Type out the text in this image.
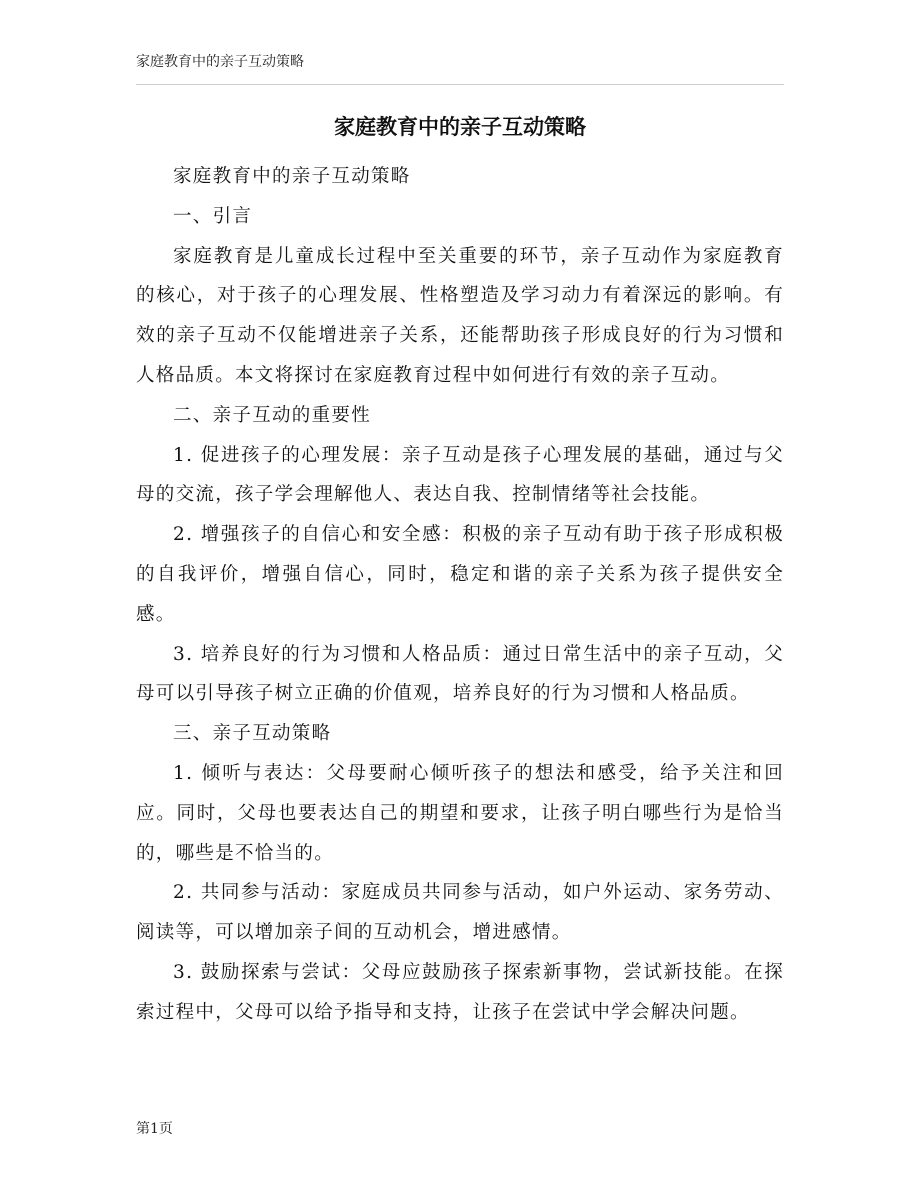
家庭教育中的亲子互动策略
家庭教育中的亲子互动策略

家庭教育中的亲子互动策略

一、引言

家庭教育是儿童成长过程中至关重要的环节，亲子互动作为家庭教育的核心，对于孩子的心理发展、性格塑造及学习动力有着深远的影响。有效的亲子互动不仅能增进亲子关系，还能帮助孩子形成良好的行为习惯和人格品质。本文将探讨在家庭教育过程中如何进行有效的亲子互动。

二、亲子互动的重要性

1. 促进孩子的心理发展：亲子互动是孩子心理发展的基础，通过与父母的交流，孩子学会理解他人、表达自我、控制情绪等社会技能。

2. 增强孩子的自信心和安全感：积极的亲子互动有助于孩子形成积极的自我评价，增强自信心，同时，稳定和谐的亲子关系为孩子提供安全感。

3. 培养良好的行为习惯和人格品质：通过日常生活中的亲子互动，父母可以引导孩子树立正确的价值观，培养良好的行为习惯和人格品质。

三、亲子互动策略

1. 倾听与表达：父母要耐心倾听孩子的想法和感受，给予关注和回应。同时，父母也要表达自己的期望和要求，让孩子明白哪些行为是恰当的，哪些是不恰当的。

2. 共同参与活动：家庭成员共同参与活动，如户外运动、家务劳动、阅读等，可以增加亲子间的互动机会，增进感情。

3. 鼓励探索与尝试：父母应鼓励孩子探索新事物，尝试新技能。在探索过程中，父母可以给予指导和支持，让孩子在尝试中学会解决问题。

第1页
